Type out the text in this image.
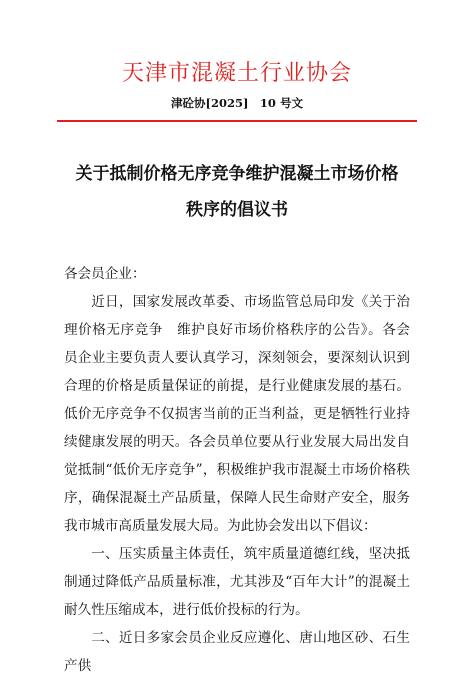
天津市混凝土行业协会
津砼协[2025]　10 号文
关于抵制价格无序竞争维护混凝土市场价格
秩序的倡议书

各会员企业：

近日，国家发展改革委、市场监管总局印发《关于治理价格无序竞争　维护良好市场价格秩序的公告》。各会员企业主要负责人要认真学习，深刻领会，要深刻认识到合理的价格是质量保证的前提，是行业健康发展的基石。低价无序竞争不仅损害当前的正当利益，更是牺牲行业持续健康发展的明天。各会员单位要从行业发展大局出发自觉抵制“低价无序竞争”，积极维护我市混凝土市场价格秩序，确保混凝土产品质量，保障人民生命财产安全，服务我市城市高质量发展大局。为此协会发出以下倡议：

一、压实质量主体责任，筑牢质量道德红线，坚决抵制通过降低产品质量标准，尤其涉及“百年大计”的混凝土耐久性压缩成本，进行低价投标的行为。

二、近日多家会员企业反应遵化、唐山地区砂、石生产供
